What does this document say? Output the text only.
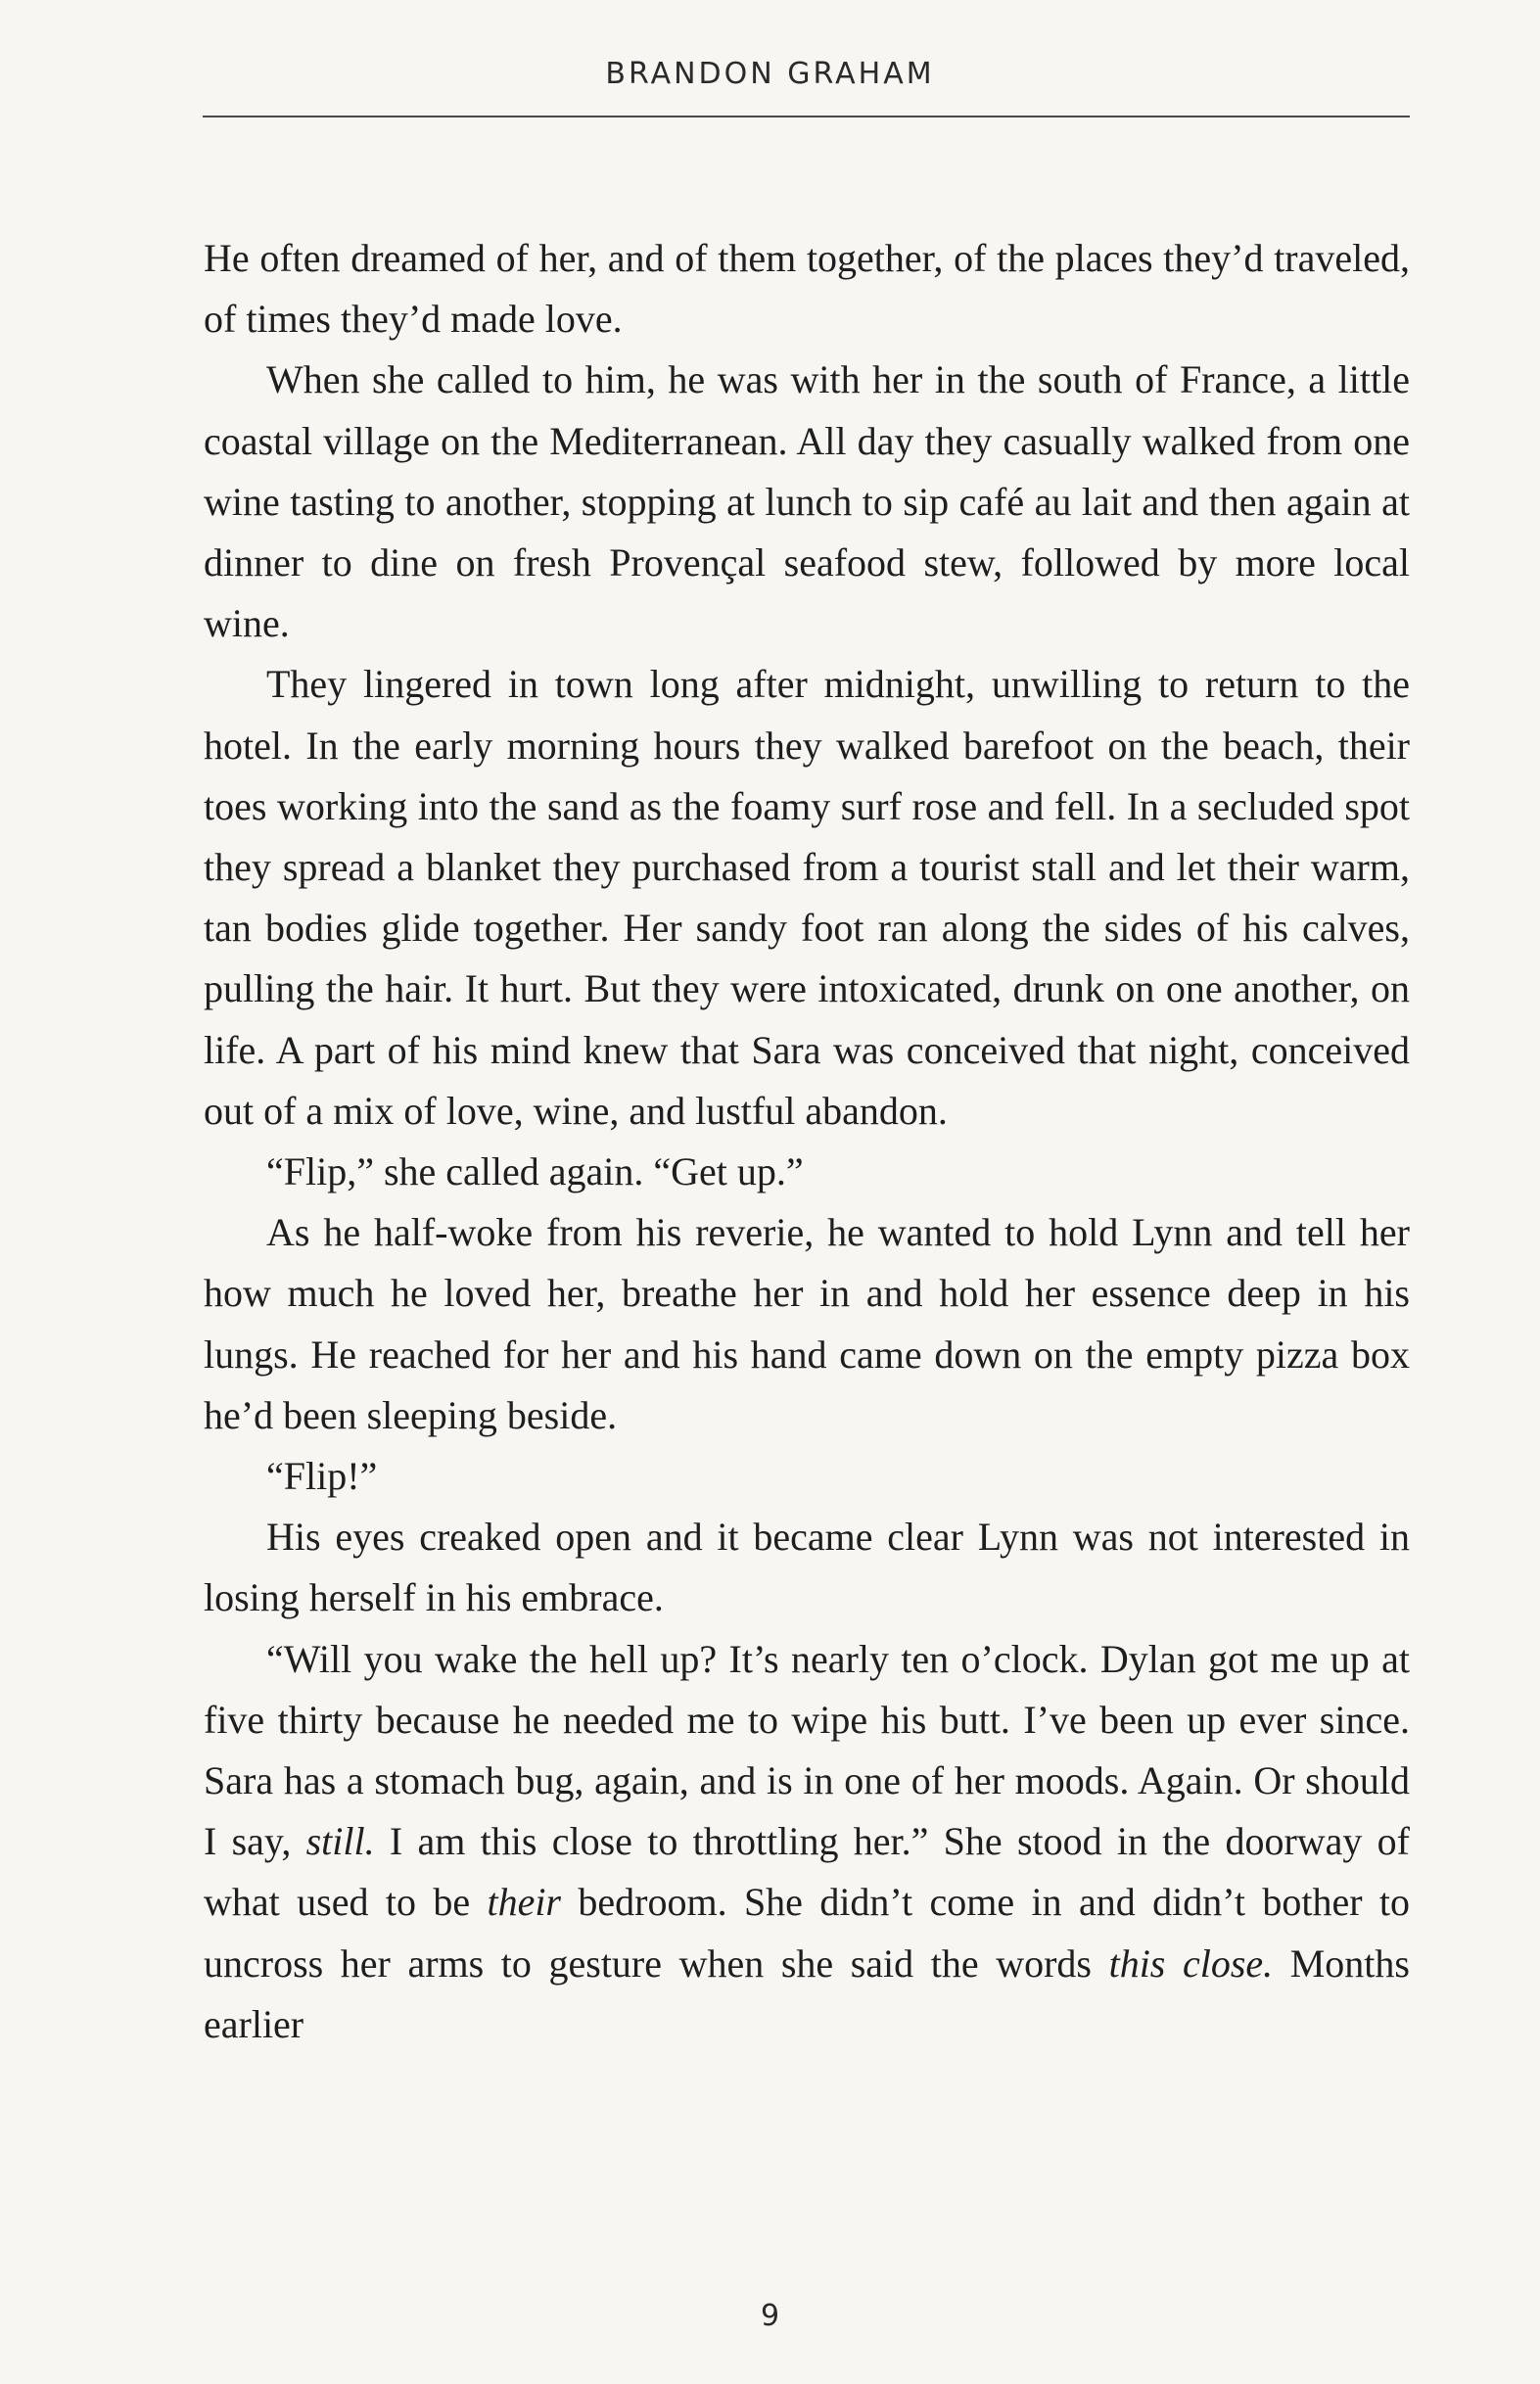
BRANDON GRAHAM

He often dreamed of her, and of them together, of the places they’d traveled, of times they’d made love.

When she called to him, he was with her in the south of France, a little coastal village on the Mediterranean. All day they casually walked from one wine tasting to another, stopping at lunch to sip café au lait and then again at dinner to dine on fresh Provençal seafood stew, followed by more local wine.

They lingered in town long after midnight, unwilling to return to the hotel. In the early morning hours they walked barefoot on the beach, their toes working into the sand as the foamy surf rose and fell. In a secluded spot they spread a blanket they purchased from a tourist stall and let their warm, tan bodies glide together. Her sandy foot ran along the sides of his calves, pulling the hair. It hurt. But they were intoxicated, drunk on one another, on life. A part of his mind knew that Sara was conceived that night, conceived out of a mix of love, wine, and lustful abandon.

“Flip,” she called again. “Get up.”

As he half-woke from his reverie, he wanted to hold Lynn and tell her how much he loved her, breathe her in and hold her essence deep in his lungs. He reached for her and his hand came down on the empty pizza box he’d been sleeping beside.

“Flip!”

His eyes creaked open and it became clear Lynn was not interested in losing herself in his embrace.

“Will you wake the hell up? It’s nearly ten o’clock. Dylan got me up at five thirty because he needed me to wipe his butt. I’ve been up ever since. Sara has a stomach bug, again, and is in one of her moods. Again. Or should I say, still. I am this close to throttling her.” She stood in the doorway of what used to be their bedroom. She didn’t come in and didn’t bother to uncross her arms to gesture when she said the words this close. Months earlier

9
